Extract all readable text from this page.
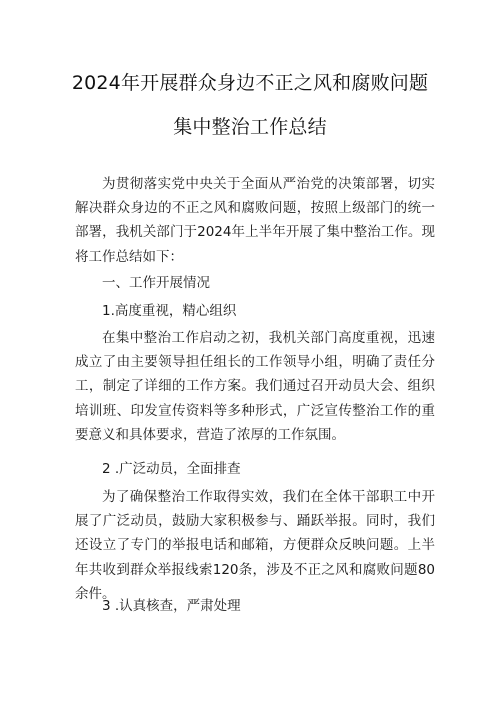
2024年开展群众身边不正之风和腐败问题
集中整治工作总结
为贯彻落实党中央关于全面从严治党的决策部署，切实解决群众身边的不正之风和腐败问题，按照上级部门的统一部署，我机关部门于2024年上半年开展了集中整治工作。现将工作总结如下：
一、工作开展情况
1.高度重视，精心组织
在集中整治工作启动之初，我机关部门高度重视，迅速成立了由主要领导担任组长的工作领导小组，明确了责任分工，制定了详细的工作方案。我们通过召开动员大会、组织培训班、印发宣传资料等多种形式，广泛宣传整治工作的重要意义和具体要求，营造了浓厚的工作氛围。
2 .广泛动员，全面排查
为了确保整治工作取得实效，我们在全体干部职工中开展了广泛动员，鼓励大家积极参与、踊跃举报。同时，我们还设立了专门的举报电话和邮箱，方便群众反映问题。上半年共收到群众举报线索120条，涉及不正之风和腐败问题80余件。
3 .认真核查，严肃处理
